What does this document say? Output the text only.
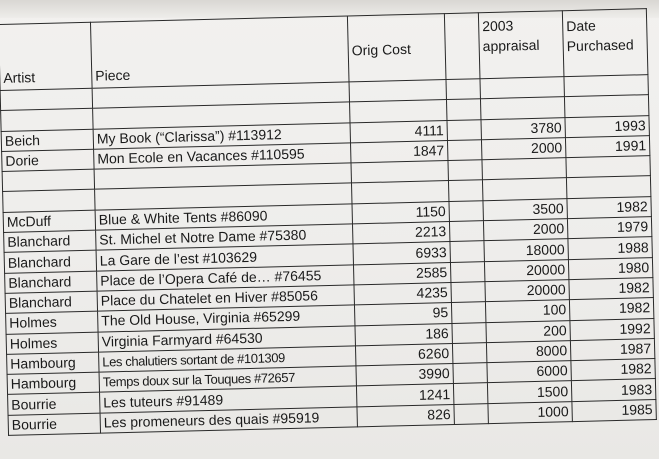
Artist	Piece	Orig Cost		2003 appraisal	Date Purchased

Beich	My Book (“Clarissa”) #113912	4111		3780	1993
Dorie	Mon Ecole en Vacances #110595	1847		2000	1991

McDuff	Blue & White Tents #86090	1150		3500	1982
Blanchard	St. Michel et Notre Dame #75380	2213		2000	1979
Blanchard	La Gare de l’est #103629	6933		18000	1988
Blanchard	Place de l’Opera Café de… #76455	2585		20000	1980
Blanchard	Place du Chatelet en Hiver #85056	4235		20000	1982
Holmes	The Old House, Virginia #65299	95		100	1982
Holmes	Virginia Farmyard #64530	186		200	1992
Hambourg	Les chalutiers sortant de #101309	6260		8000	1987
Hambourg	Temps doux sur la Touques #72657	3990		6000	1982
Bourrie	Les tuteurs #91489	1241		1500	1983
Bourrie	Les promeneurs des quais #95919	826		1000	1985
